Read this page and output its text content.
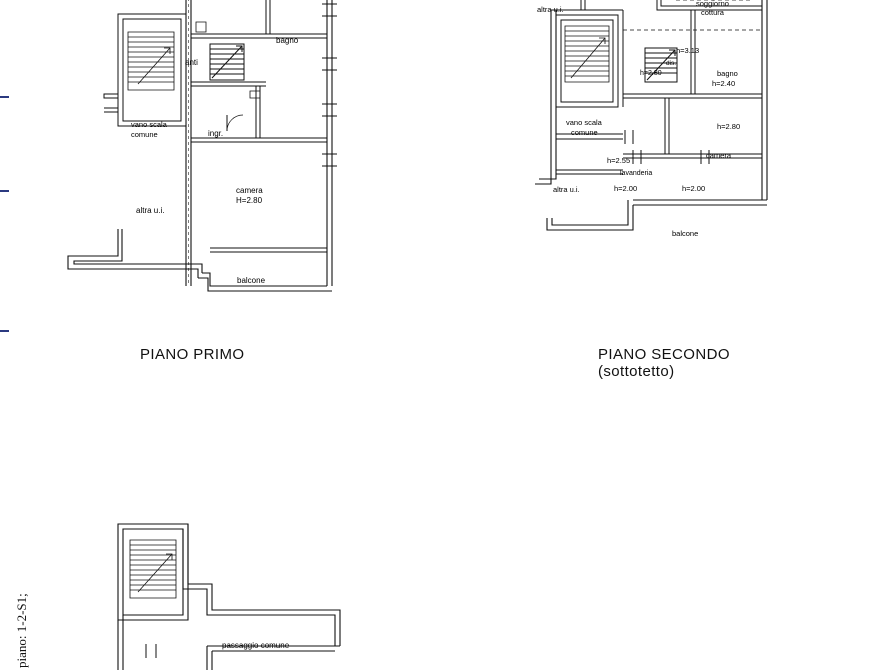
piano: 1-2-S1;
bagno
anti
vano scala
comune	ingr.
camera
H=2.80
altra u.i.
balcone
PIANO PRIMO
altra u.i.
soggiorno
cottura
h=3.13
dis.
h=2.80	bagno
h=2.40
vano scala
comune
h=2.80
camera
h=2.55
lavanderia
h=2.00	h=2.00
altra u.i.
balcone
PIANO SECONDO
(sottotetto)
passaggio comune
